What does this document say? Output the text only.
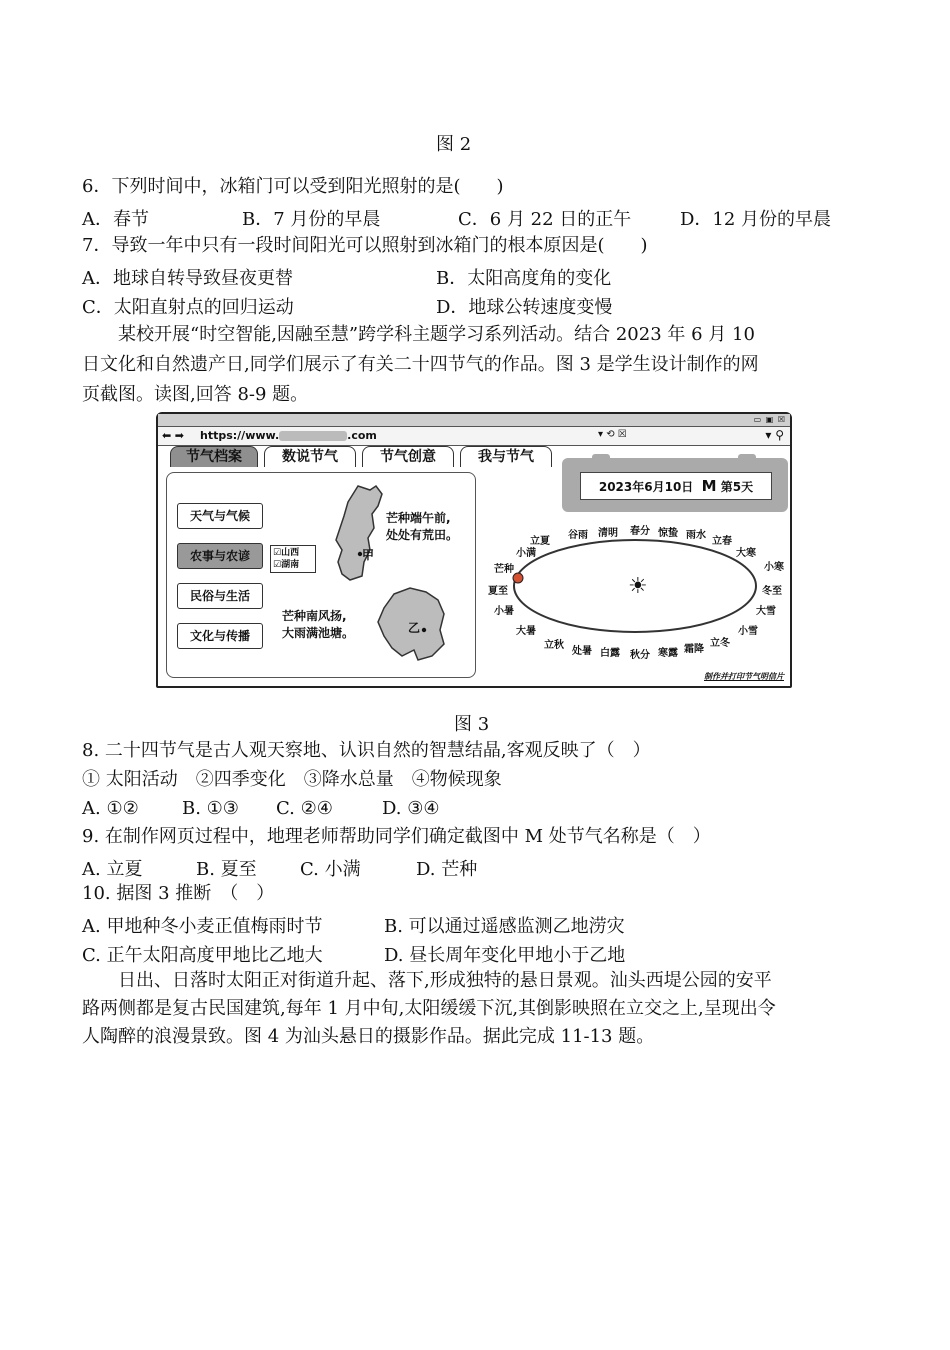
图 2
6．下列时间中，冰箱门可以受到阳光照射的是(　　)
A．春节	B．7 月份的早晨	C．6 月 22 日的正午	D．12 月份的早晨
7．导致一年中只有一段时间阳光可以照射到冰箱门的根本原因是(　　)
A．地球自转导致昼夜更替	B．太阳高度角的变化
C．太阳直射点的回归运动	D．地球公转速度变慢
　　某校开展“时空智能,因融至慧”跨学科主题学习系列活动。结合 2023 年 6 月 10
日文化和自然遗产日,同学们展示了有关二十四节气的作品。图 3 是学生设计制作的网
页截图。读图,回答 8-9 题。
▭ ▣ ☒
⬅ ➡ https://www.	.com	▾ ⟲ ☒	▾ ⚲
节气档案	数说节气	节气创意	我与节气
天气与气候
农事与农谚
民俗与生活
文化与传播
☑山西
☑湖南
甲
芒种端午前,
处处有荒田。
乙
芒种南风扬,
大雨满池塘。
2023年6月10日 M 第5天
☀
立夏
谷雨 清明 春分 惊蛰 雨水
立春
小满	大寒
芒种	小寒
夏至	冬至
小暑	大雪
大暑	小雪
立秋	立冬
处暑 白露 秋分 寒露 霜降
制作并打印节气明信片
图 3
8. 二十四节气是古人观天察地、认识自然的智慧结晶,客观反映了（　）
① 太阳活动　②四季变化　③降水总量　④物候现象
A. ①② B. ①③ C. ②④	D. ③④
9. 在制作网页过程中，地理老师帮助同学们确定截图中 M 处节气名称是（　）
A. 立夏	B. 夏至 C. 小满	D. 芒种
10. 据图 3 推断　（　）
A. 甲地种冬小麦正值梅雨时节	B. 可以通过遥感监测乙地涝灾
C. 正午太阳高度甲地比乙地大	D. 昼长周年变化甲地小于乙地
　　日出、日落时太阳正对街道升起、落下,形成独特的悬日景观。汕头西堤公园的安平
路两侧都是复古民国建筑,每年 1 月中旬,太阳缓缓下沉,其倒影映照在立交之上,呈现出令
人陶醉的浪漫景致。图 4 为汕头悬日的摄影作品。据此完成 11-13 题。
